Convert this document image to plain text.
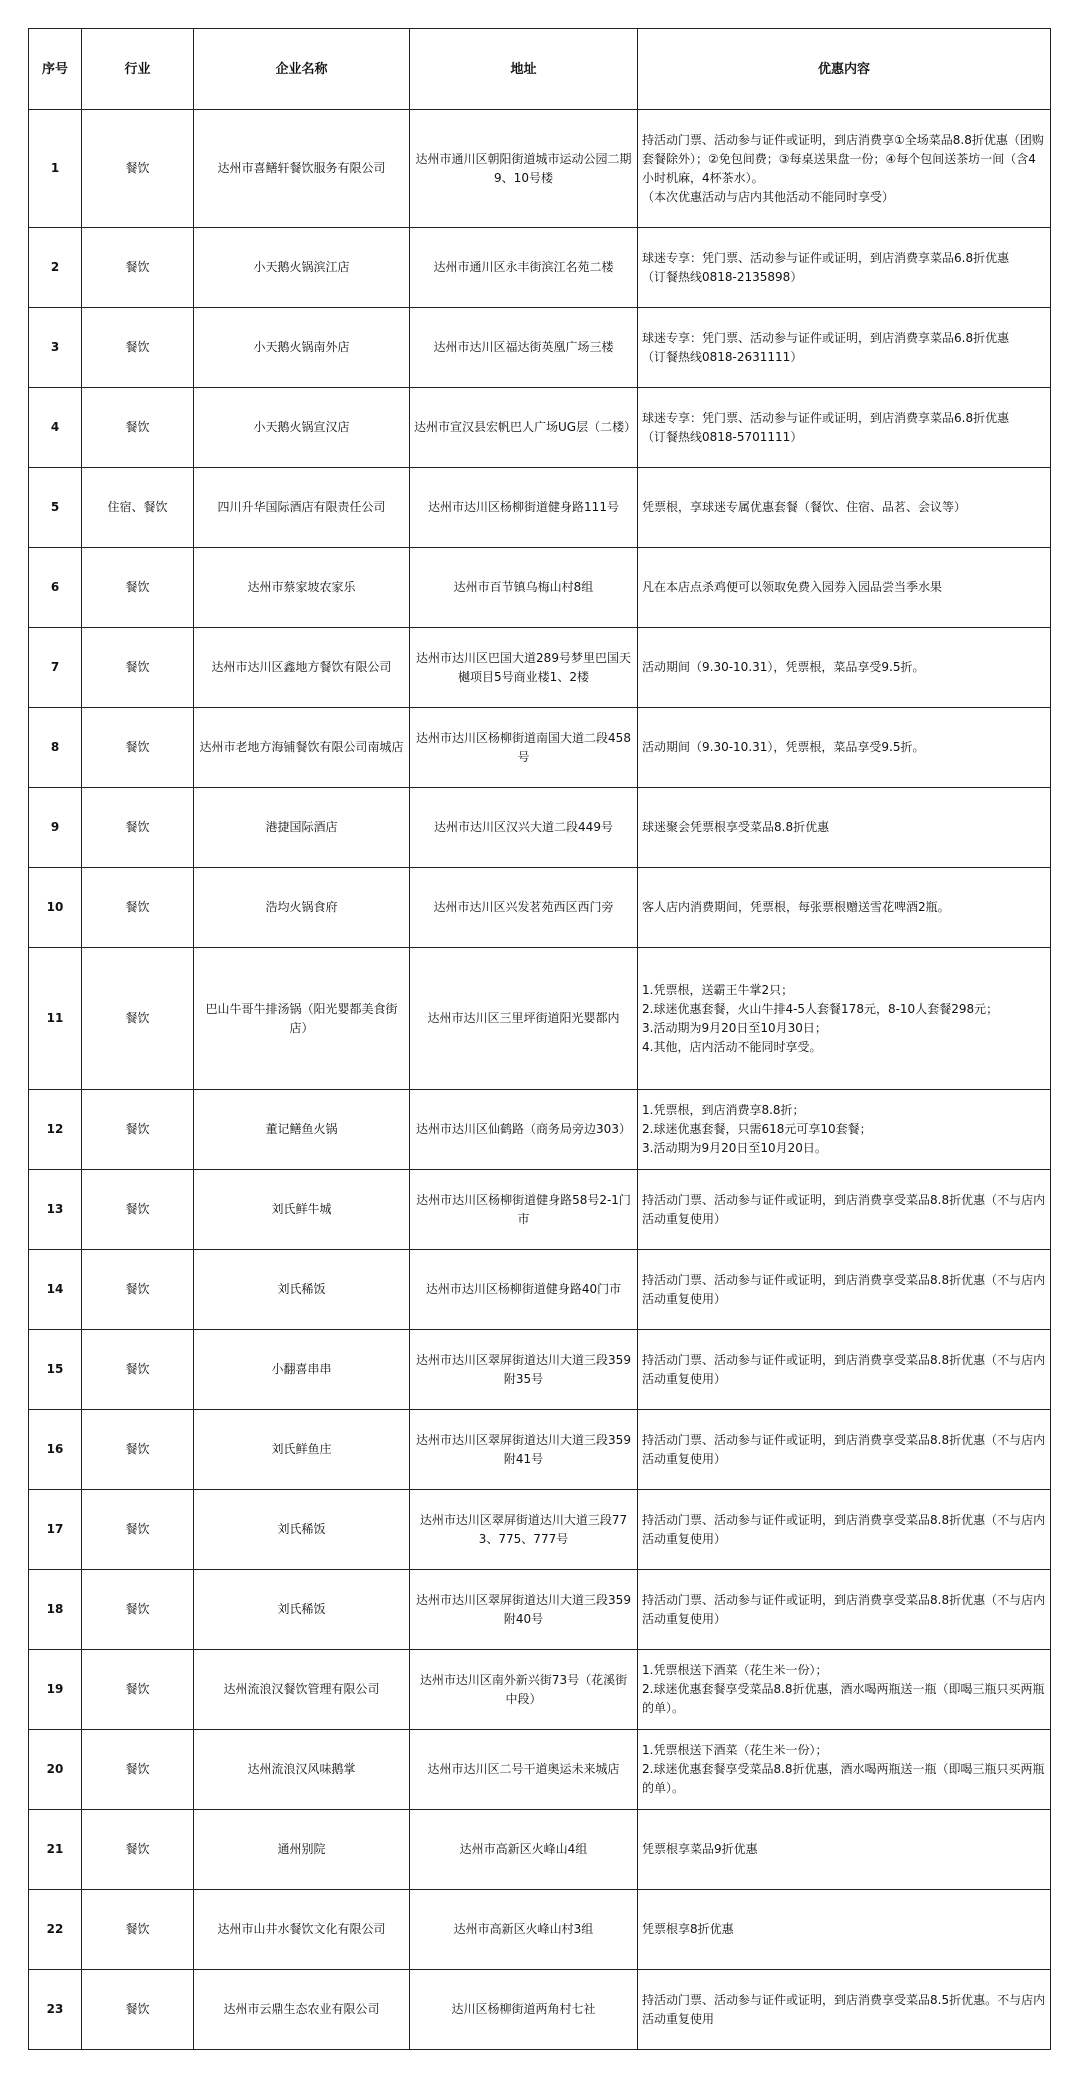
序号	行业	企业名称	地址	优惠内容
1	餐饮	达州市喜鳝轩餐饮服务有限公司	达州市通川区朝阳街道城市运动公园二期9、10号楼	持活动门票、活动参与证件或证明，到店消费享①全场菜品8.8折优惠（团购套餐除外）；②免包间费；③每桌送果盘一份；④每个包间送茶坊一间（含4小时机麻，4杯茶水）。
（本次优惠活动与店内其他活动不能同时享受）

2	餐饮	小天鹅火锅滨江店	达州市通川区永丰街滨江名苑二楼	球迷专享：凭门票、活动参与证件或证明，到店消费享菜品6.8折优惠
（订餐热线0818-2135898）

3	餐饮	小天鹅火锅南外店	达州市达川区福达街英凰广场三楼	球迷专享：凭门票、活动参与证件或证明，到店消费享菜品6.8折优惠
（订餐热线0818-2631111）

4	餐饮	小天鹅火锅宣汉店	达州市宣汉县宏帆巴人广场UG层（二楼）	球迷专享：凭门票、活动参与证件或证明，到店消费享菜品6.8折优惠
（订餐热线0818-5701111）

5	住宿、餐饮	四川升华国际酒店有限责任公司	达州市达川区杨柳街道健身路111号	凭票根，享球迷专属优惠套餐（餐饮、住宿、品茗、会议等）

6	餐饮	达州市蔡家坡农家乐	达州市百节镇乌梅山村8组	凡在本店点杀鸡便可以领取免费入园券入园品尝当季水果

7	餐饮	达州市达川区鑫地方餐饮有限公司	达州市达川区巴国大道289号梦里巴国天樾项目5号商业楼1、2楼	活动期间（9.30-10.31），凭票根，菜品享受9.5折。

8	餐饮	达州市老地方海铺餐饮有限公司南城店	达州市达川区杨柳街道南国大道二段458号	活动期间（9.30-10.31），凭票根，菜品享受9.5折。

9	餐饮	港捷国际酒店	达州市达川区汉兴大道二段449号	球迷聚会凭票根享受菜品8.8折优惠

10	餐饮	浩均火锅食府	达州市达川区兴发茗苑西区西门旁	客人店内消费期间，凭票根，每张票根赠送雪花啤酒2瓶。

11	餐饮	巴山牛哥牛排汤锅（阳光婴都美食街店）	达州市达川区三里坪街道阳光婴都内	1.凭票根，送霸王牛掌2只；
2.球迷优惠套餐，火山牛排4-5人套餐178元，8-10人套餐298元；
3.活动期为9月20日至10月30日；
4.其他，店内活动不能同时享受。

12	餐饮	董记鳝鱼火锅	达州市达川区仙鹤路（商务局旁边303）	1.凭票根，到店消费享8.8折；
2.球迷优惠套餐，只需618元可享10套餐；
3.活动期为9月20日至10月20日。

13	餐饮	刘氏鲜牛城	达州市达川区杨柳街道健身路58号2-1门市	持活动门票、活动参与证件或证明，到店消费享受菜品8.8折优惠（不与店内活动重复使用）

14	餐饮	刘氏稀饭	达州市达川区杨柳街道健身路40门市	持活动门票、活动参与证件或证明，到店消费享受菜品8.8折优惠（不与店内活动重复使用）

15	餐饮	小翻喜串串	达州市达川区翠屏街道达川大道三段359附35号	持活动门票、活动参与证件或证明，到店消费享受菜品8.8折优惠（不与店内活动重复使用）

16	餐饮	刘氏鲜鱼庄	达州市达川区翠屏街道达川大道三段359附41号	持活动门票、活动参与证件或证明，到店消费享受菜品8.8折优惠（不与店内活动重复使用）

17	餐饮	刘氏稀饭	达州市达川区翠屏街道达川大道三段773、775、777号	持活动门票、活动参与证件或证明，到店消费享受菜品8.8折优惠（不与店内活动重复使用）

18	餐饮	刘氏稀饭	达州市达川区翠屏街道达川大道三段359附40号	持活动门票、活动参与证件或证明，到店消费享受菜品8.8折优惠（不与店内活动重复使用）

19	餐饮	达州流浪汉餐饮管理有限公司	达州市达川区南外新兴街73号（花溪街中段）	1.凭票根送下酒菜（花生米一份）；
2.球迷优惠套餐享受菜品8.8折优惠，酒水喝两瓶送一瓶（即喝三瓶只买两瓶的单）。

20	餐饮	达州流浪汉风味鹅掌	达州市达川区二号干道奥运未来城店	1.凭票根送下酒菜（花生米一份）；
2.球迷优惠套餐享受菜品8.8折优惠，酒水喝两瓶送一瓶（即喝三瓶只买两瓶的单）。

21	餐饮	通州别院	达州市高新区火峰山4组	凭票根享菜品9折优惠

22	餐饮	达州市山井水餐饮文化有限公司	达州市高新区火峰山村3组	凭票根享8折优惠

23	餐饮	达州市云鼎生态农业有限公司	达川区杨柳街道两角村七社	持活动门票、活动参与证件或证明，到店消费享受菜品8.5折优惠。不与店内活动重复使用
